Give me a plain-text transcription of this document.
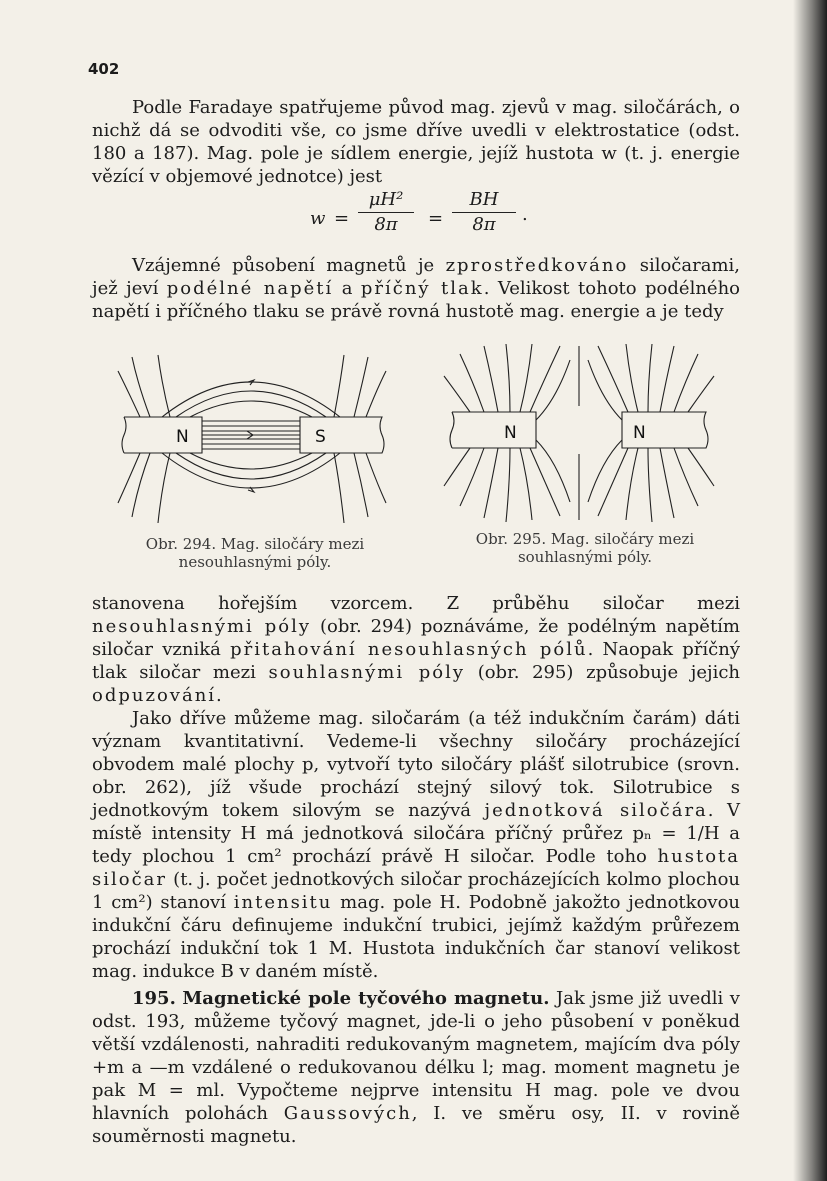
402

Podle Faradaye spatřujeme původ mag. zjevů v mag. siločárách, o nichž dá se odvoditi vše, co jsme dříve uvedli v elektrostatice (odst. 180 a 187). Mag. pole je sídlem energie, jejíž hustota w (t. j. energie vězící v objemové jednotce) jest

w =
μH²
8π	=
BH
8π	.

Vzájemné působení magnetů je zprostředkováno siločarami, jež jeví podélné napětí a příčný tlak. Velikost tohoto podélného napětí i příčného tlaku se právě rovná hustotě mag. energie a je tedy

N	S
Obr. 294. Mag. siločáry mezi
nesouhlasnými póly.
N	N
Obr. 295. Mag. siločáry mezi
souhlasnými póly.

stanovena hořejším vzorcem. Z průběhu siločar mezi nesouhlasnými póly (obr. 294) poznáváme, že podélným napětím siločar vzniká přitahování nesouhlasných pólů. Naopak příčný tlak siločar mezi souhlasnými póly (obr. 295) způsobuje jejich odpuzování.

Jako dříve můžeme mag. siločarám (a též indukčním čarám) dáti význam kvantitativní. Vedeme-li všechny siločáry procházející obvodem malé plochy p, vytvoří tyto siločáry plášť silotrubice (srovn. obr. 262), jíž všude prochází stejný silový tok. Silotrubice s jednotkovým tokem silovým se nazývá jednotková siločára. V místě intensity H má jednotková siločára příčný průřez pₙ = 1/H a tedy plochou 1 cm² prochází právě H siločar. Podle toho hustota siločar (t. j. počet jednotkových siločar procházejících kolmo plochou 1 cm²) stanoví intensitu mag. pole H. Podobně jakožto jednotkovou indukční čáru definujeme indukční trubici, jejímž každým průřezem prochází indukční tok 1 M. Hustota indukčních čar stanoví velikost mag. indukce B v daném místě.

195. Magnetické pole tyčového magnetu. Jak jsme již uvedli v odst. 193, můžeme tyčový magnet, jde-li o jeho působení v poněkud větší vzdálenosti, nahraditi redukovaným magnetem, majícím dva póly +m a —m vzdálené o redukovanou délku l; mag. moment magnetu je pak M = ml. Vypočteme nejprve intensitu H mag. pole ve dvou hlavních polohách Gaussových, I. ve směru osy, II. v rovině souměrnosti magnetu.
